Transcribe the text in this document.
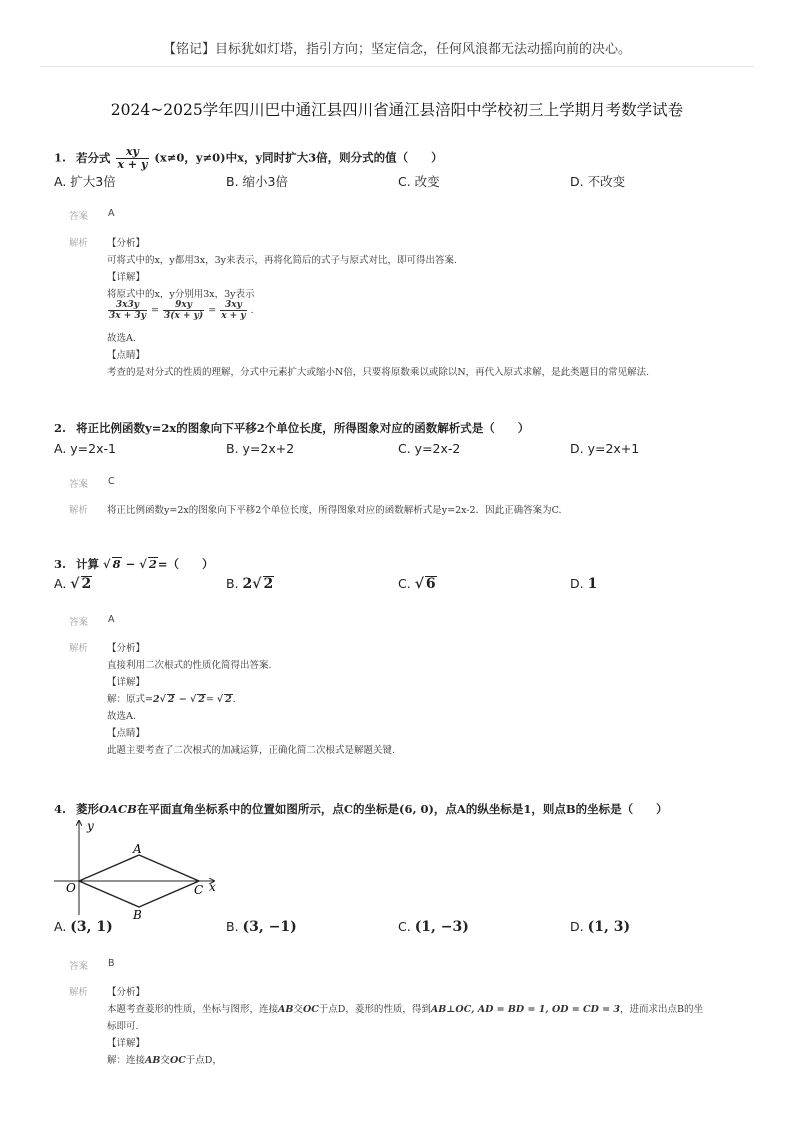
【铭记】目标犹如灯塔，指引方向；坚定信念，任何风浪都无法动摇向前的决心。
2024~2025学年四川巴中通江县四川省通江县涪阳中学校初三上学期月考数学试卷
1. 若分式 $\frac{xy}{x + y} (x\ne 0$，y≠0)中x，y同时扩大3倍，则分式的值（　　）
A. 扩大3倍	B. 缩小3倍	C. 改变	D. 不改变
答案 A
解析 【分析】
可将式中的x，y都用3x，3y来表示，再将化简后的式子与原式对比，即可得出答案.
【详解】
将原式中的x，y分别用3x，3y表示
$\frac{3x3y}{3x + 3y} = \frac{9xy}{3(x + y)} = \frac{3xy}{x + y}$ .
故选A.
【点睛】
考查的是对分式的性质的理解，分式中元素扩大或缩小N倍，只要将原数乘以或除以N，再代入原式求解，是此类题目的常见解法.
2. 将正比例函数y=2x的图象向下平移2个单位长度，所得图象对应的函数解析式是（　　）
A. y=2x-1	B. y=2x+2	C. y=2x-2	D. y=2x+1
答案 C
解析 将正比例函数y=2x的图象向下平移2个单位长度，所得图象对应的函数解析式是y=2x-2．因此正确答案为C.
3. 计算 √ 8 − √ 2=（　　）
A. √ 2	B. 2√ 2	C. √ 6	D. 1
答案 A
解析 【分析】
直接利用二次根式的性质化简得出答案.
【详解】
解：原式=2√ 2 − √ 2= √ 2.
故选A.
【点睛】
此题主要考查了二次根式的加减运算，正确化简二次根式是解题关键.
4. 菱形OACB在平面直角坐标系中的位置如图所示，点C的坐标是(6, 0)，点A的纵坐标是1，则点B的坐标是（　　）
y
x
O
A
B
C
A. (3, 1)	B. (3, −1)	C. (1, −3)	D. (1, 3)
答案 B
解析 【分析】
本题考查菱形的性质，坐标与图形，连接AB交OC于点D，菱形的性质，得到AB⊥OC, AD = BD = 1, OD = CD = 3，进而求出点B的坐
标即可.
【详解】
解：连接AB交OC于点D，
